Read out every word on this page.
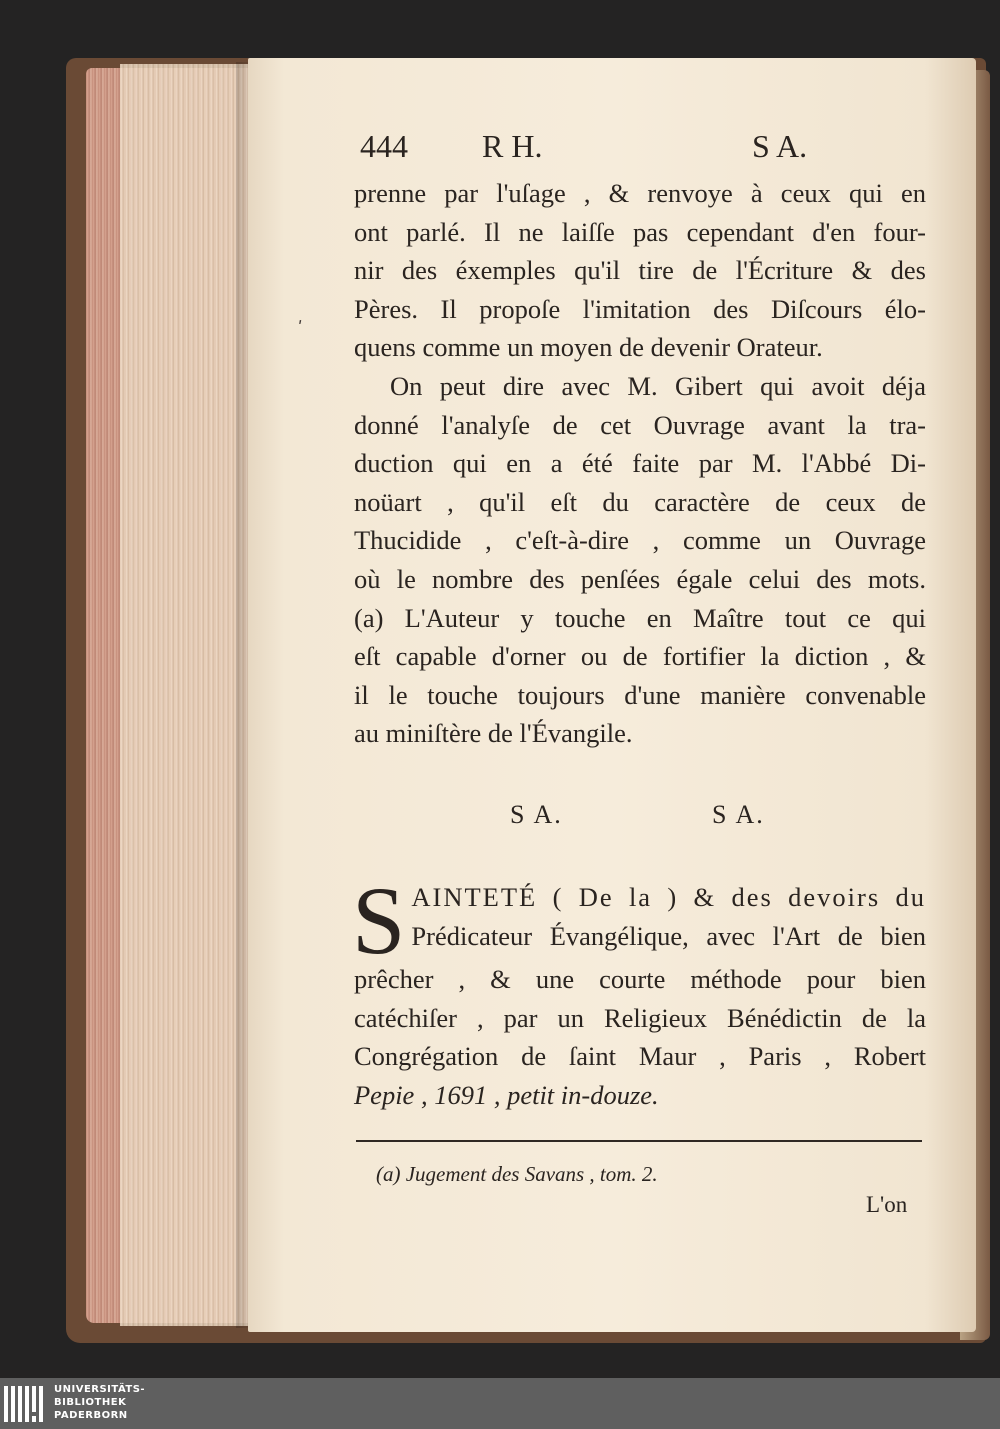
444 R H.	S A.
ʹ
prenne par l'uſage , & renvoye à ceux qui en
ont parlé. Il ne laiſſe pas cependant d'en four-
nir des éxemples qu'il tire de l'Écriture & des
Pères. Il propoſe l'imitation des Diſcours élo-
quens comme un moyen de devenir Orateur.
On peut dire avec M. Gibert qui avoit déja
donné l'analyſe de cet Ouvrage avant la tra-
duction qui en a été faite par M. l'Abbé Di-
noüart , qu'il eſt du caractère de ceux de
Thucidide , c'eſt-à-dire , comme un Ouvrage
où le nombre des penſées égale celui des mots.
(a) L'Auteur y touche en Maître tout ce qui
eſt capable d'orner ou de fortifier la diction , &
il le touche toujours d'une manière convenable
au miniſtère de l'Évangile.
S A.	S A.
S AINTETÉ ( De la ) & des devoirs du
Prédicateur Évangélique, avec l'Art de bien
prêcher , & une courte méthode pour bien
catéchiſer , par un Religieux Bénédictin de la
Congrégation de ſaint Maur , Paris , Robert
Pepie , 1691 , petit in-douze.
(a) Jugement des Savans , tom. 2.
L'on
UNIVERSITÄTS-
BIBLIOTHEK
PADERBORN
